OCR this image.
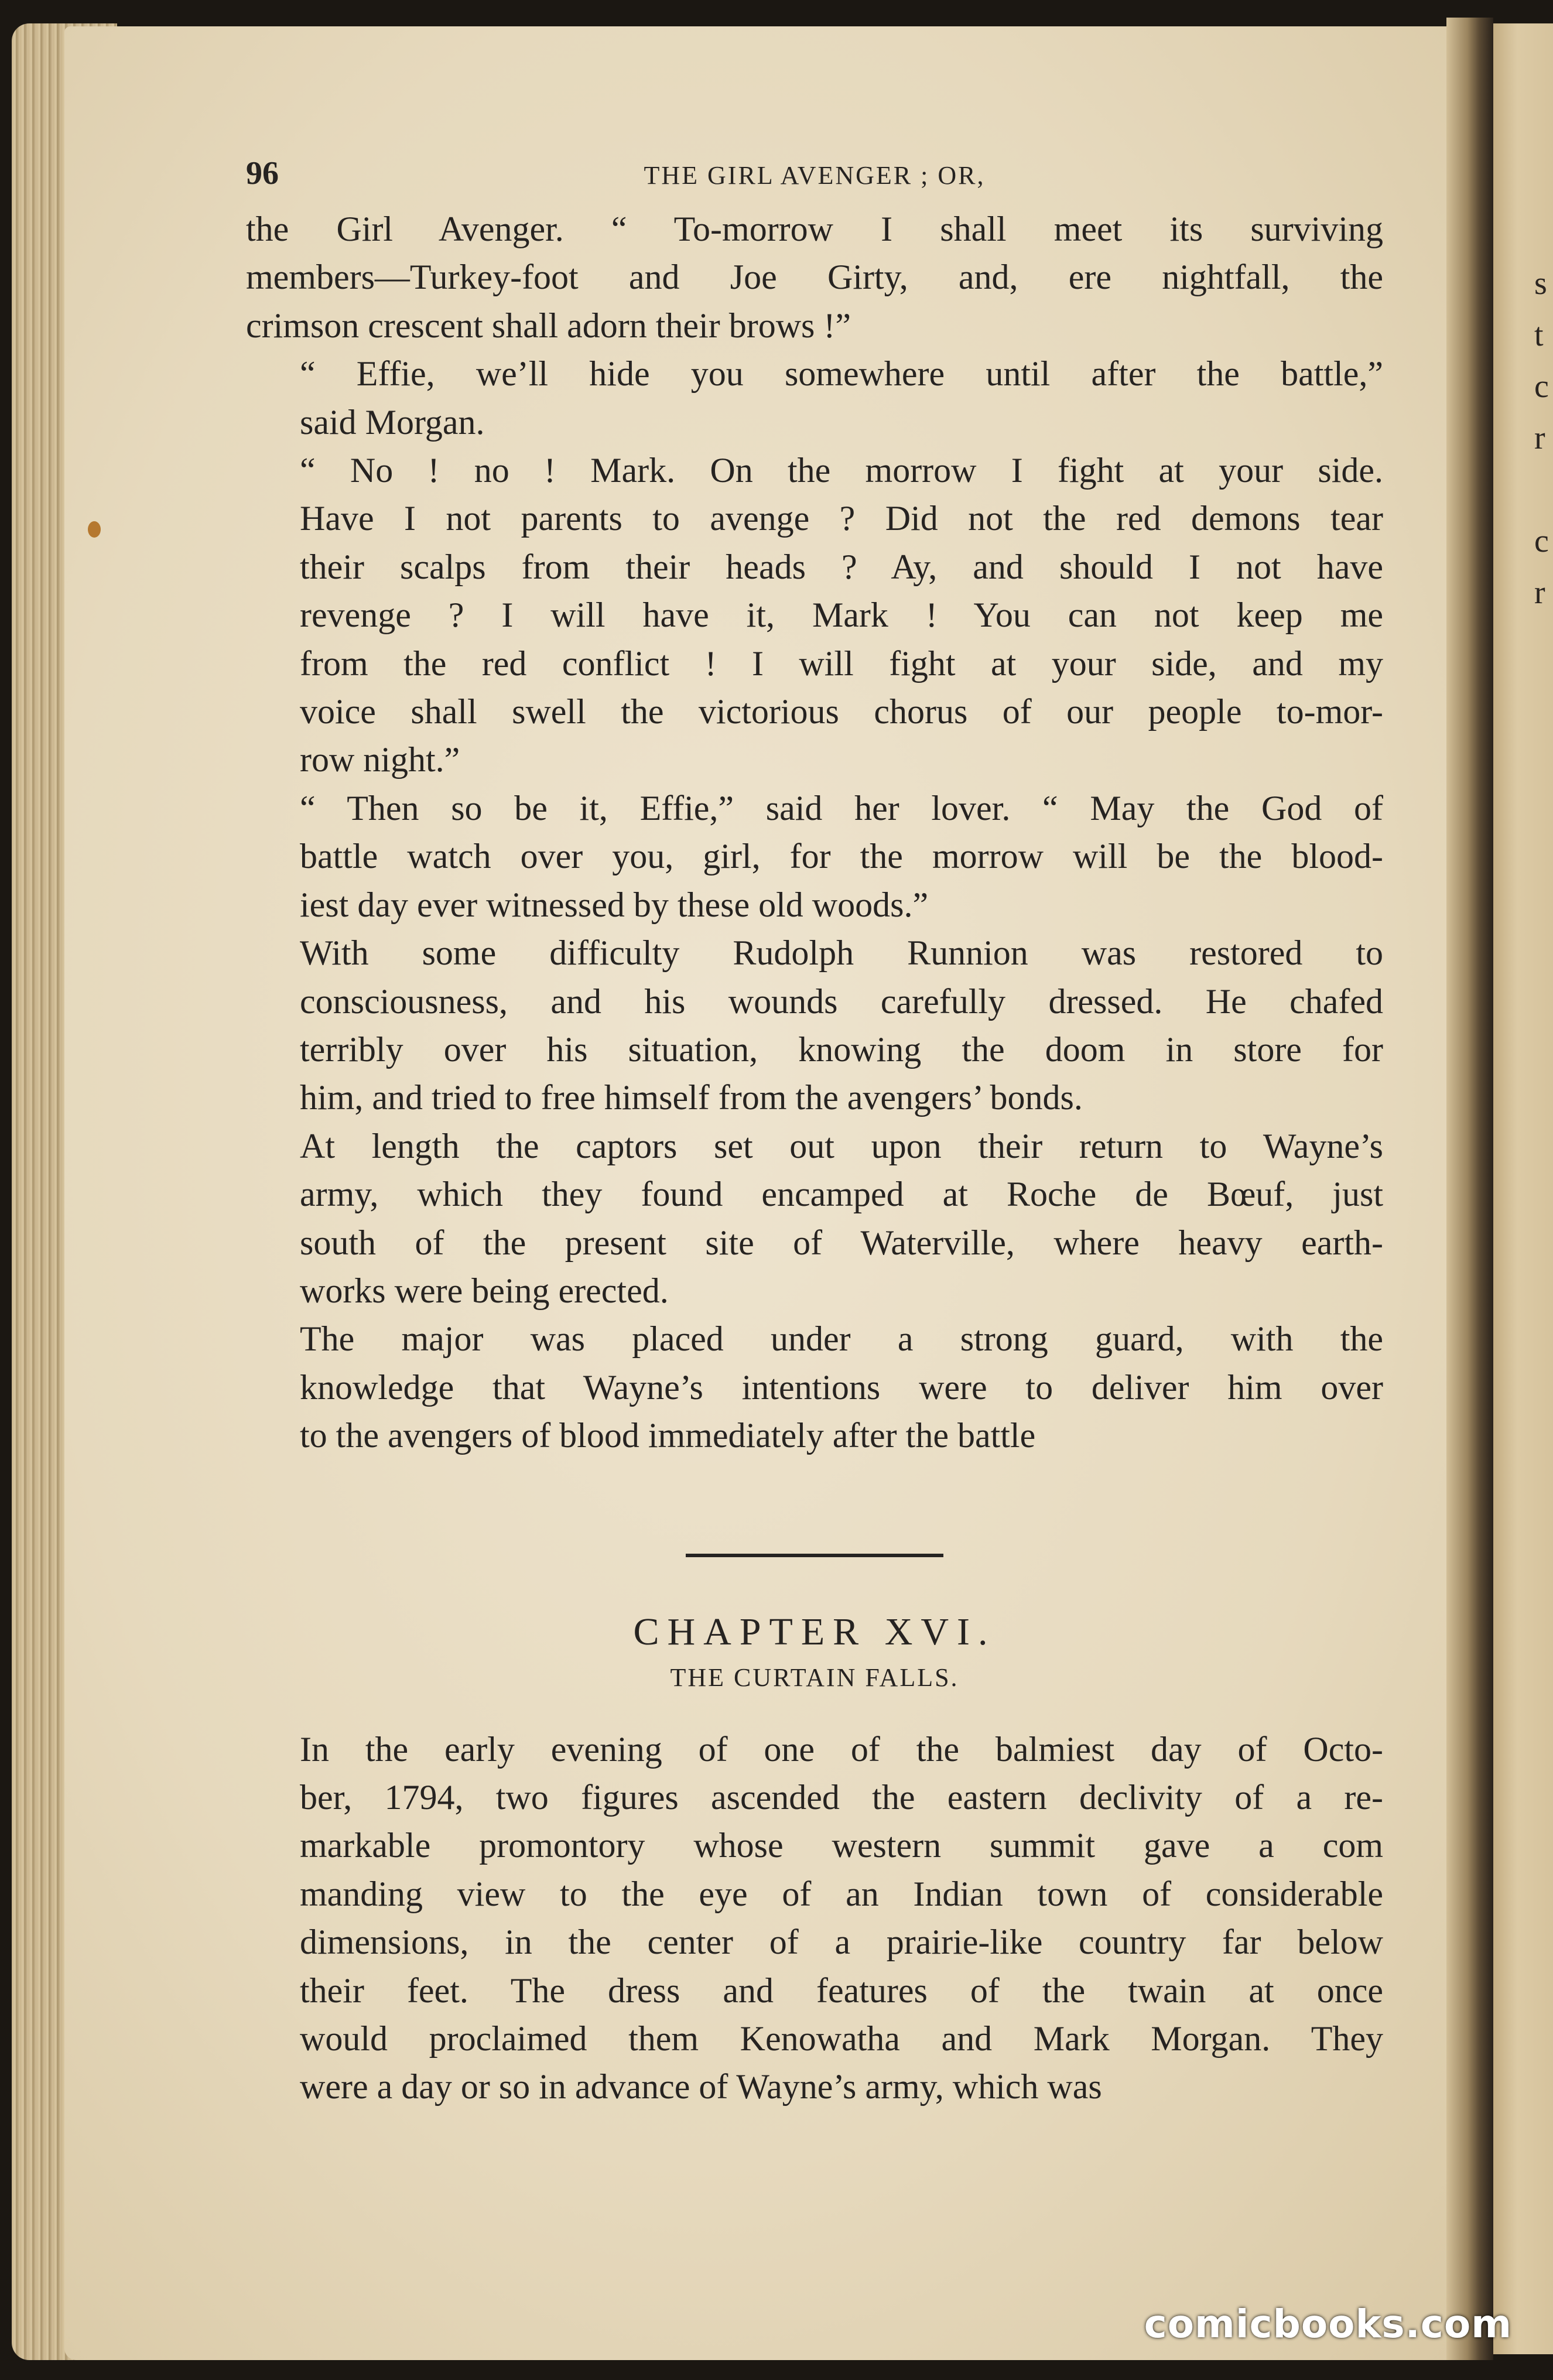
s
t
c
r

c
r
96	THE GIRL AVENGER ; OR,

the Girl Avenger. “ To-morrow I shall meet its surviving
members—Turkey-foot and Joe Girty, and, ere nightfall, the
crimson crescent shall adorn their brows !”

“ Effie, we’ll hide you somewhere until after the battle,”
said Morgan.

“ No ! no ! Mark. On the morrow I fight at your side.
Have I not parents to avenge ? Did not the red demons tear
their scalps from their heads ? Ay, and should I not have
revenge ? I will have it, Mark ! You can not keep me
from the red conflict ! I will fight at your side, and my
voice shall swell the victorious chorus of our people to-mor-
row night.”

“ Then so be it, Effie,” said her lover. “ May the God of
battle watch over you, girl, for the morrow will be the blood-
iest day ever witnessed by these old woods.”

With some difficulty Rudolph Runnion was restored to
consciousness, and his wounds carefully dressed. He chafed
terribly over his situation, knowing the doom in store for
him, and tried to free himself from the avengers’ bonds.

At length the captors set out upon their return to Wayne’s
army, which they found encamped at Roche de Bœuf, just
south of the present site of Waterville, where heavy earth-
works were being erected.

The major was placed under a strong guard, with the
knowledge that Wayne’s intentions were to deliver him over
to the avengers of blood immediately after the battle

CHAPTER XVI.
THE CURTAIN FALLS.

In the early evening of one of the balmiest day of Octo-
ber, 1794, two figures ascended the eastern declivity of a re-
markable promontory whose western summit gave a com
manding view to the eye of an Indian town of considerable
dimensions, in the center of a prairie-like country far below
their feet. The dress and features of the twain at once
would proclaimed them Kenowatha and Mark Morgan. They
were a day or so in advance of Wayne’s army, which was

comicbooks.com
